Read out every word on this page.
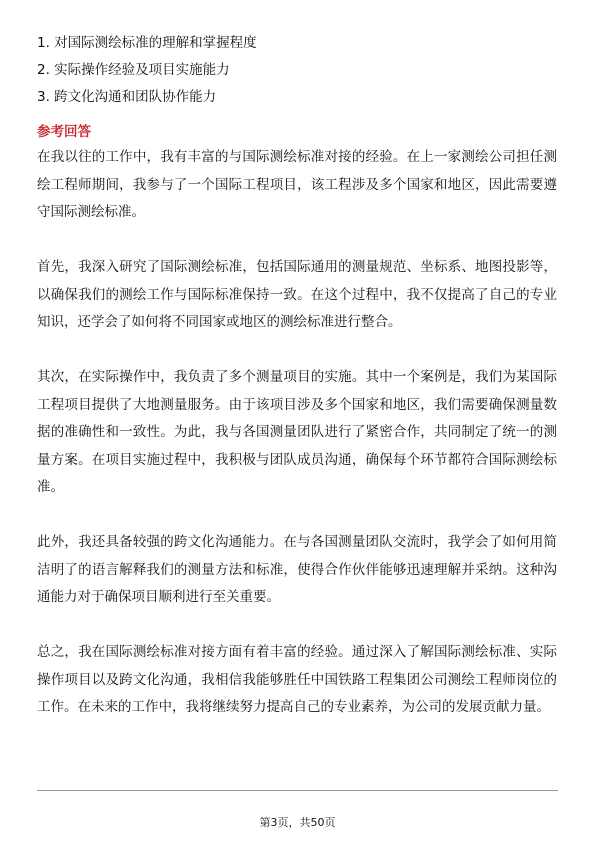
1. 对国际测绘标准的理解和掌握程度
2. 实际操作经验及项目实施能力
3. 跨文化沟通和团队协作能力
参考回答

在我以往的工作中，我有丰富的与国际测绘标准对接的经验。在上一家测绘公司担任测绘工程师期间，我参与了一个国际工程项目，该工程涉及多个国家和地区，因此需要遵守国际测绘标准。

首先，我深入研究了国际测绘标准，包括国际通用的测量规范、坐标系、地图投影等，以确保我们的测绘工作与国际标准保持一致。在这个过程中，我不仅提高了自己的专业知识，还学会了如何将不同国家或地区的测绘标准进行整合。

其次，在实际操作中，我负责了多个测量项目的实施。其中一个案例是，我们为某国际工程项目提供了大地测量服务。由于该项目涉及多个国家和地区，我们需要确保测量数据的准确性和一致性。为此，我与各国测量团队进行了紧密合作，共同制定了统一的测量方案。在项目实施过程中，我积极与团队成员沟通，确保每个环节都符合国际测绘标准。

此外，我还具备较强的跨文化沟通能力。在与各国测量团队交流时，我学会了如何用简洁明了的语言解释我们的测量方法和标准，使得合作伙伴能够迅速理解并采纳。这种沟通能力对于确保项目顺利进行至关重要。

总之，我在国际测绘标准对接方面有着丰富的经验。通过深入了解国际测绘标准、实际操作项目以及跨文化沟通，我相信我能够胜任中国铁路工程集团公司测绘工程师岗位的工作。在未来的工作中，我将继续努力提高自己的专业素养，为公司的发展贡献力量。

第3页，共50页
